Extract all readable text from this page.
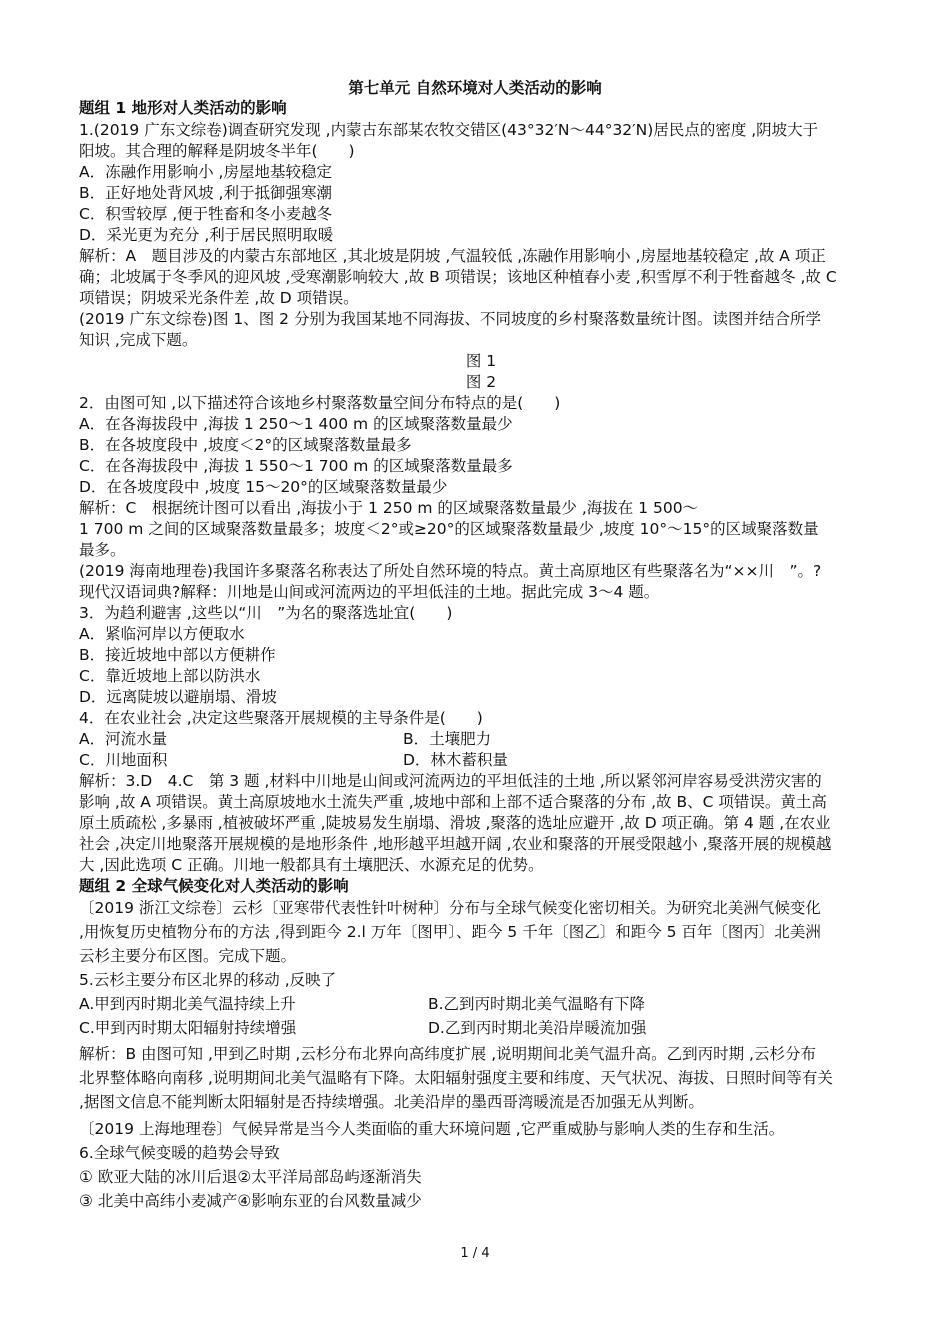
第七单元 自然环境对人类活动的影响
题组 1 地形对人类活动的影响
1.(2019 广东文综卷)调查研究发现 ,内蒙古东部某农牧交错区(43°32′N～44°32′N)居民点的密度 ,阴坡大于
阳坡。其合理的解释是阴坡冬半年(　　)
A．冻融作用影响小 ,房屋地基较稳定
B．正好地处背风坡 ,利于抵御强寒潮
C．积雪较厚 ,便于牲畜和冬小麦越冬
D．采光更为充分 ,利于居民照明取暖
解析：A　题目涉及的内蒙古东部地区 ,其北坡是阴坡 ,气温较低 ,冻融作用影响小 ,房屋地基较稳定 ,故 A 项正
确；北坡属于冬季风的迎风坡 ,受寒潮影响较大 ,故 B 项错误；该地区种植春小麦 ,积雪厚不利于牲畜越冬 ,故 C
项错误；阴坡采光条件差 ,故 D 项错误。
(2019 广东文综卷)图 1、图 2 分别为我国某地不同海拔、不同坡度的乡村聚落数量统计图。读图并结合所学
知识 ,完成下题。
图 1
图 2
2．由图可知 ,以下描述符合该地乡村聚落数量空间分布特点的是(　　)
A．在各海拔段中 ,海拔 1 250～1 400 m 的区域聚落数量最少
B．在各坡度段中 ,坡度＜2°的区域聚落数量最多
C．在各海拔段中 ,海拔 1 550～1 700 m 的区域聚落数量最多
D．在各坡度段中 ,坡度 15～20°的区域聚落数量最少
解析：C　根据统计图可以看出 ,海拔小于 1 250 m 的区域聚落数量最少 ,海拔在 1 500～
1 700 m 之间的区域聚落数量最多；坡度＜2°或≥20°的区域聚落数量最少 ,坡度 10°～15°的区域聚落数量
最多。
(2019 海南地理卷)我国许多聚落名称表达了所处自然环境的特点。黄土高原地区有些聚落名为“××川　”。?
现代汉语词典?解释：川地是山间或河流两边的平坦低洼的土地。据此完成 3～4 题。
3．为趋利避害 ,这些以“川　”为名的聚落选址宜(　　)
A．紧临河岸以方便取水
B．接近坡地中部以方便耕作
C．靠近坡地上部以防洪水
D．远离陡坡以避崩塌、滑坡
4．在农业社会 ,决定这些聚落开展规模的主导条件是(　　)
A．河流水量	B．土壤肥力
C．川地面积	D．林木蓄积量
解析：3.D　4.C　第 3 题 ,材料中川地是山间或河流两边的平坦低洼的土地 ,所以紧邻河岸容易受洪涝灾害的
影响 ,故 A 项错误。黄土高原坡地水土流失严重 ,坡地中部和上部不适合聚落的分布 ,故 B、C 项错误。黄土高
原土质疏松 ,多暴雨 ,植被破坏严重 ,陡坡易发生崩塌、滑坡 ,聚落的选址应避开 ,故 D 项正确。第 4 题 ,在农业
社会 ,决定川地聚落开展规模的是地形条件 ,地形越平坦越开阔 ,农业和聚落的开展受限越小 ,聚落开展的规模越
大 ,因此选项 C 正确。川地一般都具有土壤肥沃、水源充足的优势。
题组 2 全球气候变化对人类活动的影响
〔2019 浙江文综卷〕云杉〔亚寒带代表性针叶树种〕分布与全球气候变化密切相关。为研究北美洲气候变化
,用恢复历史植物分布的方法 ,得到距今 2.l 万年〔图甲〕、距今 5 千年〔图乙〕和距今 5 百年〔图丙〕北美洲
云杉主要分布区图。完成下题。
5.云杉主要分布区北界的移动 ,反映了
A.甲到丙时期北美气温持续上升	B.乙到丙时期北美气温略有下降
C.甲到丙时期太阳辐射持续增强	D.乙到丙时期北美沿岸暖流加强
解析：B 由图可知 ,甲到乙时期 ,云杉分布北界向高纬度扩展 ,说明期间北美气温升高。乙到丙时期 ,云杉分布
北界整体略向南移 ,说明期间北美气温略有下降。太阳辐射强度主要和纬度、天气状况、海拔、日照时间等有关
,据图文信息不能判断太阳辐射是否持续增强。北美沿岸的墨西哥湾暖流是否加强无从判断。
〔2019 上海地理卷〕气候异常是当今人类面临的重大环境问题 ,它严重威胁与影响人类的生存和生活。
6.全球气候变暖的趋势会导致
① 欧亚大陆的冰川后退②太平洋局部岛屿逐渐消失
③ 北美中高纬小麦减产④影响东亚的台风数量减少
1 / 4
